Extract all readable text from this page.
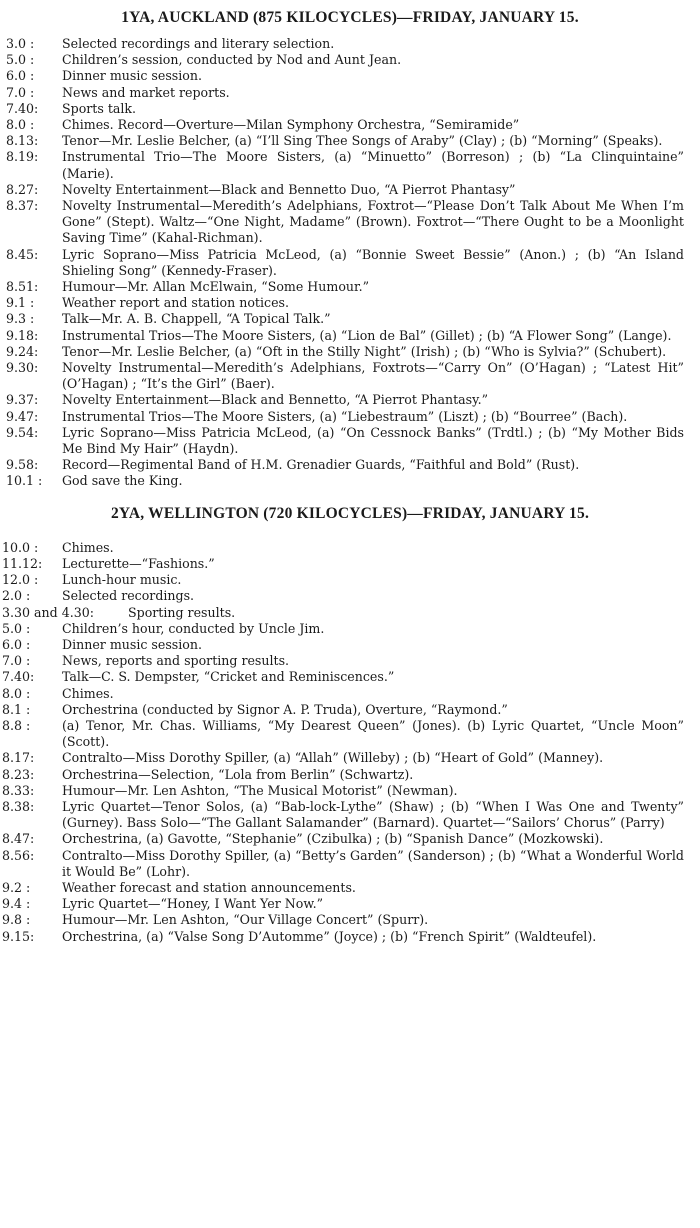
1YA, AUCKLAND (875 KILOCYCLES)—FRIDAY, JANUARY 15.
3.0 :	Selected recordings and literary selection.
5.0 :	Children’s session, conducted by Nod and Aunt Jean.
6.0 :	Dinner music session.
7.0 :	News and market reports.
7.40:	Sports talk.
8.0 :	Chimes. Record—Overture—Milan Symphony Orchestra, “Semiramide”
8.13:	Tenor—Mr. Leslie Belcher, (a) “I’ll Sing Thee Songs of Araby” (Clay) ; (b) “Morning” (Speaks).
8.19:	Instrumental Trio—The Moore Sisters, (a) “Minuetto” (Borreson) ; (b) “La Clinquintaine” (Marie).
8.27:	Novelty Entertainment—Black and Bennetto Duo, “A Pierrot Phantasy”
8.37:	Novelty Instrumental—Meredith’s Adelphians, Foxtrot—“Please Don’t Talk About Me When I’m Gone” (Stept). Waltz—“One Night, Madame” (Brown). Foxtrot—“There Ought to be a Moonlight Saving Time” (Kahal-Richman).
8.45:	Lyric Soprano—Miss Patricia McLeod, (a) “Bonnie Sweet Bessie” (Anon.) ; (b) “An Island Shieling Song” (Kennedy-Fraser).
8.51:	Humour—Mr. Allan McElwain, “Some Humour.”
9.1 :	Weather report and station notices.
9.3 :	Talk—Mr. A. B. Chappell, “A Topical Talk.”
9.18:	Instrumental Trios—The Moore Sisters, (a) “Lion de Bal” (Gillet) ; (b) “A Flower Song” (Lange).
9.24:	Tenor—Mr. Leslie Belcher, (a) “Oft in the Stilly Night” (Irish) ; (b) “Who is Sylvia?” (Schubert).
9.30:	Novelty Instrumental—Meredith’s Adelphians, Foxtrots—“Carry On” (O’Hagan) ; “Latest Hit” (O’Hagan) ; “It’s the Girl” (Baer).
9.37:	Novelty Entertainment—Black and Bennetto, “A Pierrot Phantasy.”
9.47:	Instrumental Trios—The Moore Sisters, (a) “Liebestraum” (Liszt) ; (b) “Bourree” (Bach).
9.54:	Lyric Soprano—Miss Patricia McLeod, (a) “On Cessnock Banks” (Trdtl.) ; (b) “My Mother Bids Me Bind My Hair” (Haydn).
9.58:	Record—Regimental Band of H.M. Grenadier Guards, “Faithful and Bold” (Rust).
10.1 :	God save the King.
2YA, WELLINGTON (720 KILOCYCLES)—FRIDAY, JANUARY 15.
10.0 :	Chimes.
11.12:	Lecturette—“Fashions.”
12.0 :	Lunch-hour music.
2.0 :	Selected recordings.
3.30 and 4.30:	Sporting results.
5.0 :	Children’s hour, conducted by Uncle Jim.
6.0 :	Dinner music session.
7.0 :	News, reports and sporting results.
7.40:	Talk—C. S. Dempster, “Cricket and Reminiscences.”
8.0 :	Chimes.
8.1 :	Orchestrina (conducted by Signor A. P. Truda), Overture, “Raymond.”
8.8 :	(a) Tenor, Mr. Chas. Williams, “My Dearest Queen” (Jones). (b) Lyric Quartet, “Uncle Moon” (Scott).
8.17:	Contralto—Miss Dorothy Spiller, (a) “Allah” (Willeby) ; (b) “Heart of Gold” (Manney).
8.23:	Orchestrina—Selection, “Lola from Berlin” (Schwartz).
8.33:	Humour—Mr. Len Ashton, “The Musical Motorist” (Newman).
8.38:	Lyric Quartet—Tenor Solos, (a) “Bab-lock-Lythe” (Shaw) ; (b) “When I Was One and Twenty” (Gurney). Bass Solo—“The Gallant Salamander” (Barnard). Quartet—“Sailors’ Chorus” (Parry)
8.47:	Orchestrina, (a) Gavotte, “Stephanie” (Czibulka) ; (b) “Spanish Dance” (Mozkowski).
8.56:	Contralto—Miss Dorothy Spiller, (a) “Betty’s Garden” (Sanderson) ; (b) “What a Wonderful World it Would Be” (Lohr).
9.2 :	Weather forecast and station announcements.
9.4 :	Lyric Quartet—“Honey, I Want Yer Now.”
9.8 :	Humour—Mr. Len Ashton, “Our Village Concert” (Spurr).
9.15:	Orchestrina, (a) “Valse Song D’Automme” (Joyce) ; (b) “French Spirit” (Waldteufel).
